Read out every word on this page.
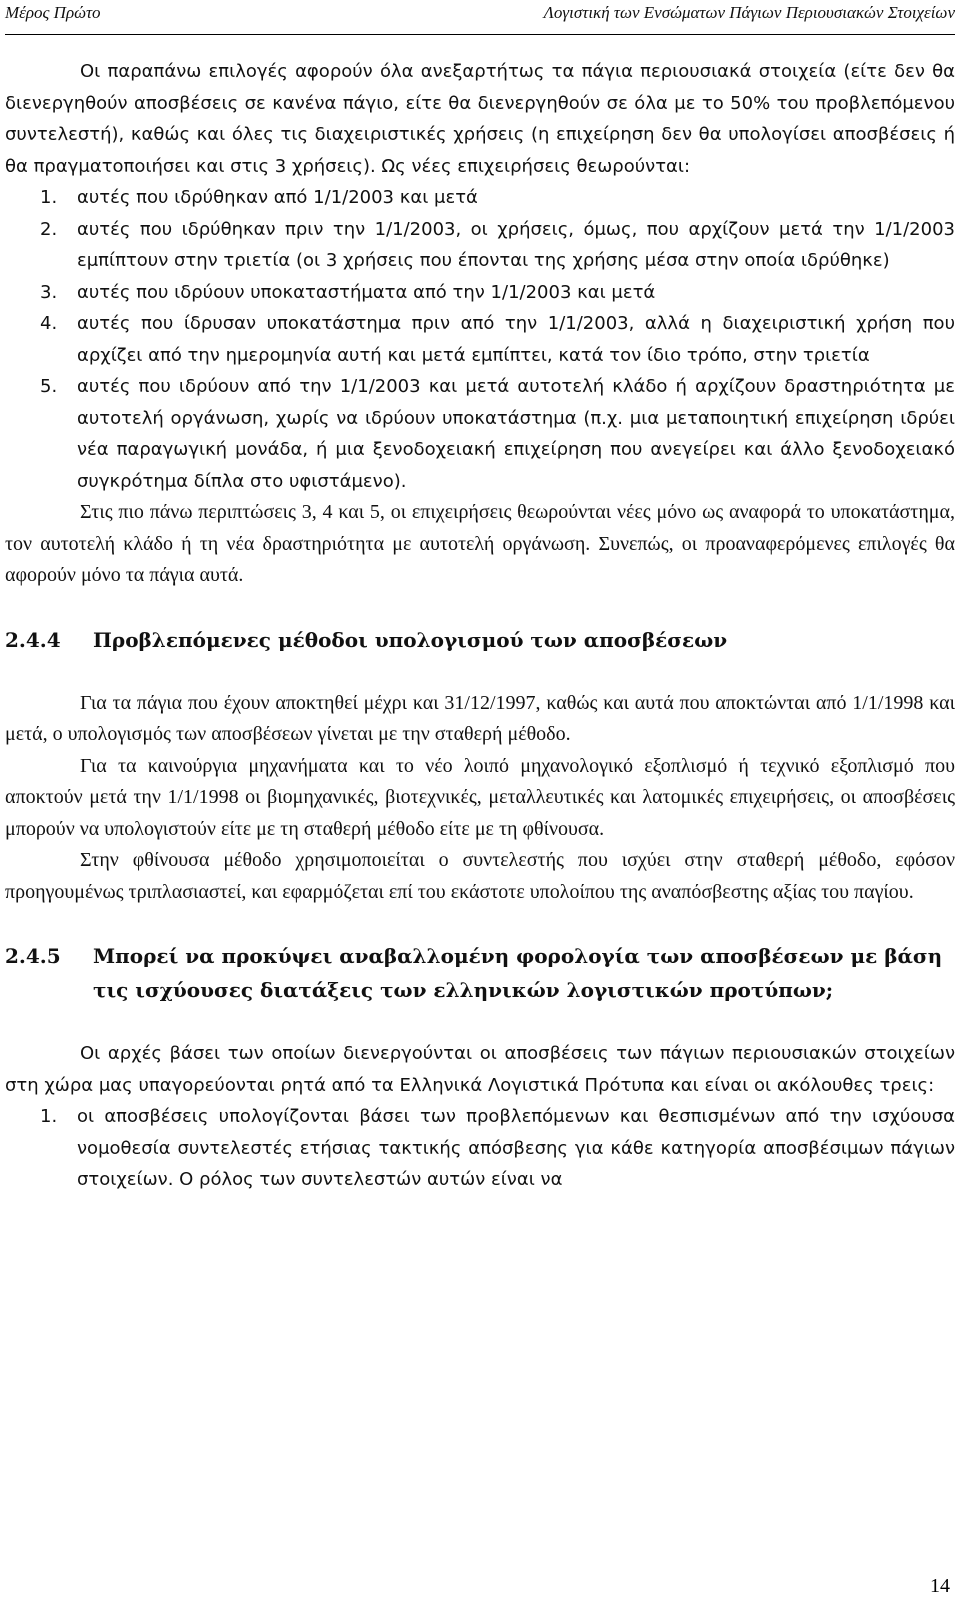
Μέρος Πρώτο	Λογιστική των Ενσώματων Πάγιων Περιουσιακών Στοιχείων

Οι παραπάνω επιλογές αφορούν όλα ανεξαρτήτως τα πάγια περιουσιακά στοιχεία (είτε δεν θα διενεργηθούν αποσβέσεις σε κανένα πάγιο, είτε θα διενεργηθούν σε όλα με το 50% του προβλεπόμενου συντελεστή), καθώς και όλες τις διαχειριστικές χρήσεις (η επιχείρηση δεν θα υπολογίσει αποσβέσεις ή θα πραγματοποιήσει και στις 3 χρήσεις). Ως νέες επιχειρήσεις θεωρούνται:

1. αυτές που ιδρύθηκαν από 1/1/2003 και μετά
2. αυτές που ιδρύθηκαν πριν την 1/1/2003, οι χρήσεις, όμως, που αρχίζουν μετά την 1/1/2003 εμπίπτουν στην τριετία (οι 3 χρήσεις που έπονται της χρήσης μέσα στην οποία ιδρύθηκε)
3. αυτές που ιδρύουν υποκαταστήματα από την 1/1/2003 και μετά
4. αυτές που ίδρυσαν υποκατάστημα πριν από την 1/1/2003, αλλά η διαχειριστική χρήση που αρχίζει από την ημερομηνία αυτή και μετά εμπίπτει, κατά τον ίδιο τρόπο, στην τριετία
5. αυτές που ιδρύουν από την 1/1/2003 και μετά αυτοτελή κλάδο ή αρχίζουν δραστηριότητα με αυτοτελή οργάνωση, χωρίς να ιδρύουν υποκατάστημα (π.χ. μια μεταποιητική επιχείρηση ιδρύει νέα παραγωγική μονάδα, ή μια ξενοδοχειακή επιχείρηση που ανεγείρει και άλλο ξενοδοχειακό συγκρότημα δίπλα στο υφιστάμενο).

Στις πιο πάνω περιπτώσεις 3, 4 και 5, οι επιχειρήσεις θεωρούνται νέες μόνο ως αναφορά το υποκατάστημα, τον αυτοτελή κλάδο ή τη νέα δραστηριότητα με αυτοτελή οργάνωση. Συνεπώς, οι προαναφερόμενες επιλογές θα αφορούν μόνο τα πάγια αυτά.

2.4.4 Προβλεπόμενες μέθοδοι υπολογισμού των αποσβέσεων

Για τα πάγια που έχουν αποκτηθεί μέχρι και 31/12/1997, καθώς και αυτά που αποκτώνται από 1/1/1998 και μετά, ο υπολογισμός των αποσβέσεων γίνεται με την σταθερή μέθοδο.

Για τα καινούργια μηχανήματα και το νέο λοιπό μηχανολογικό εξοπλισμό ή τεχνικό εξοπλισμό που αποκτούν μετά την 1/1/1998 οι βιομηχανικές, βιοτεχνικές, μεταλλευτικές και λατομικές επιχειρήσεις, οι αποσβέσεις μπορούν να υπολογιστούν είτε με τη σταθερή μέθοδο είτε με τη φθίνουσα.

Στην φθίνουσα μέθοδο χρησιμοποιείται ο συντελεστής που ισχύει στην σταθερή μέθοδο, εφόσον προηγουμένως τριπλασιαστεί, και εφαρμόζεται επί του εκάστοτε υπολοίπου της αναπόσβεστης αξίας του παγίου.

2.4.5 Μπορεί να προκύψει αναβαλλομένη φορολογία των αποσβέσεων με βάση τις ισχύουσες διατάξεις των ελληνικών λογιστικών προτύπων;

Οι αρχές βάσει των οποίων διενεργούνται οι αποσβέσεις των πάγιων περιουσιακών στοιχείων στη χώρα μας υπαγορεύονται ρητά από τα Ελληνικά Λογιστικά Πρότυπα και είναι οι ακόλουθες τρεις:

1. οι αποσβέσεις υπολογίζονται βάσει των προβλεπόμενων και θεσπισμένων από την ισχύουσα νομοθεσία συντελεστές ετήσιας τακτικής απόσβεσης για κάθε κατηγορία αποσβέσιμων πάγιων στοιχείων. Ο ρόλος των συντελεστών αυτών είναι να
14
